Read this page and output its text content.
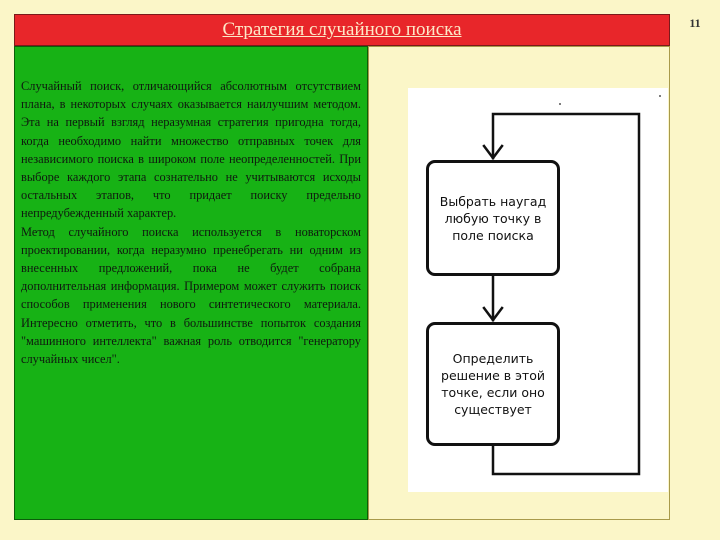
Стратегия случайного поиска	11

Случайный поиск, отличающийся абсолютным отсутствием плана, в некоторых случаях оказывается наилучшим методом. Эта на первый взгляд неразумная стратегия пригодна тогда, когда необходимо найти множество отправных точек для независимого поиска в широком поле неопределенностей. При выборе каждого этапа сознательно не учитываются исходы остальных этапов, что придает поиску предельно непредубежденный характер.

Метод случайного поиска используется в новаторском проектировании, когда неразумно пренебрегать ни одним из внесенных предложений, пока не будет собрана дополнительная информация. Примером может служить поиск способов применения нового синтетического материала. Интересно отметить, что в большинстве попыток создания "машинного интеллекта" важная роль отводится "генератору случайных чисел".

Выбрать наугад любую точку в поле поиска
Определить решение в этой точке, если оно существует
